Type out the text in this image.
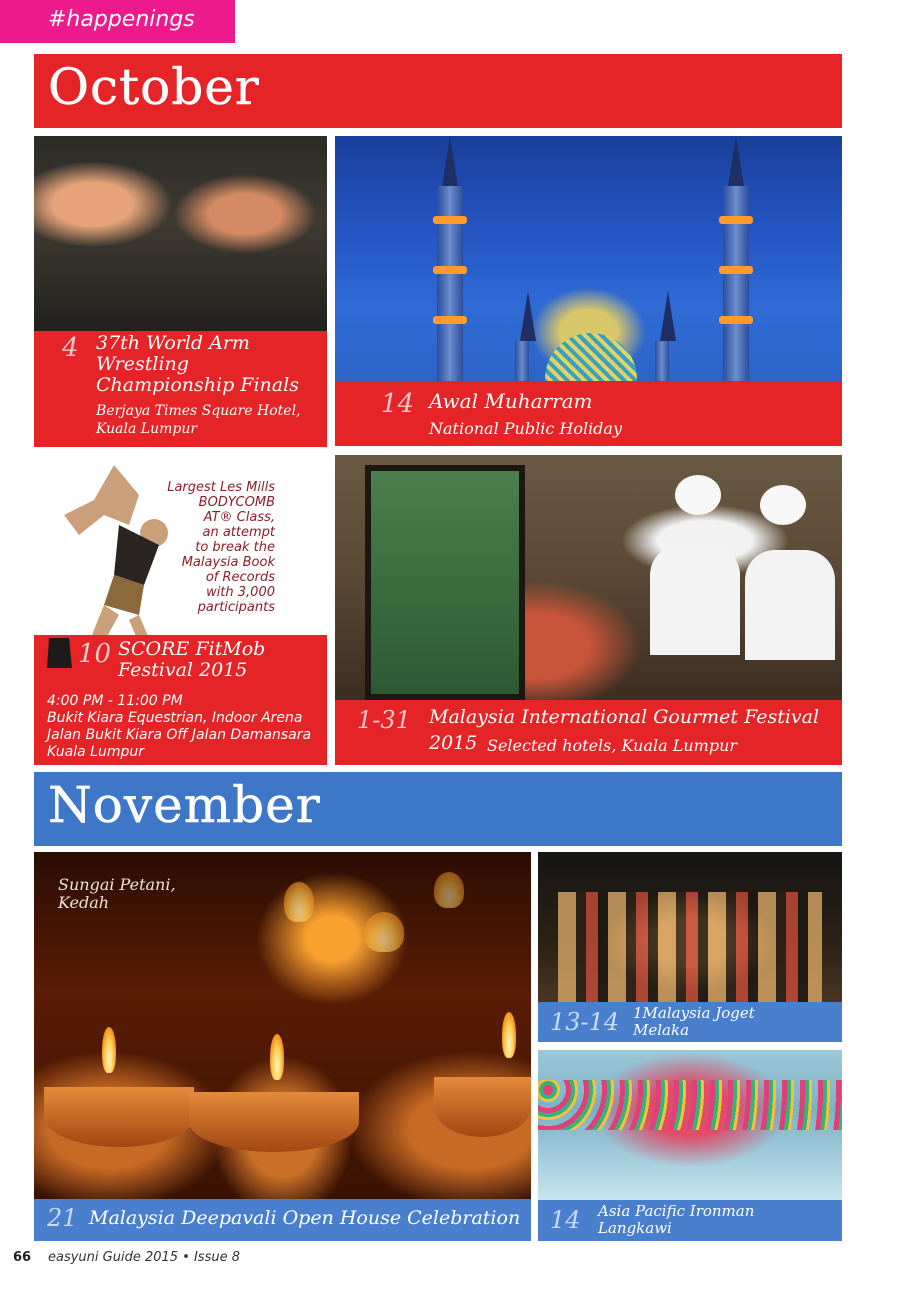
#happenings
October
4 37th World Arm
Wrestling
Championship Finals
Berjaya Times Square Hotel,
Kuala Lumpur
14 Awal Muharram
National Public Holiday
Largest Les Mills
BODYCOMB
AT® Class,
an attempt
to break the
Malaysia Book
of Records
with 3,000
participants
10 SCORE FitMob
Festival 2015
4:00 PM - 11:00 PM
Bukit Kiara Equestrian, Indoor Arena
Jalan Bukit Kiara Off Jalan Damansara
Kuala Lumpur
1-31 Malaysia International Gourmet Festival
2015 Selected hotels, Kuala Lumpur
November
Sungai Petani,
Kedah
21 Malaysia Deepavali Open House Celebration
13-14 1Malaysia Joget
Melaka
14 Asia Pacific Ironman
Langkawi
66 easyuni Guide 2015 • Issue 8
